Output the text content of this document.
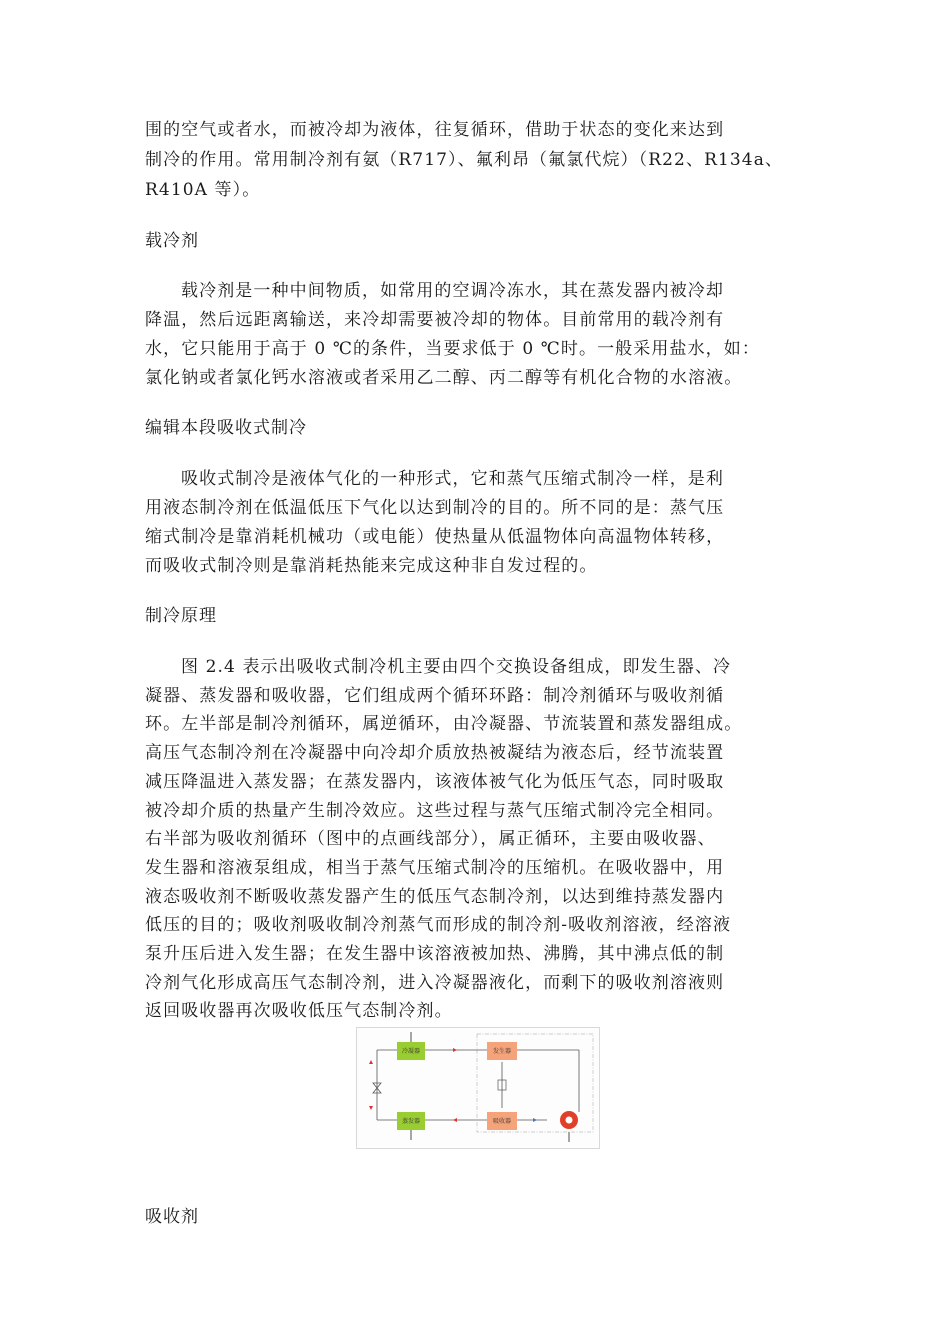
围的空气或者水，而被冷却为液体，往复循环，借助于状态的变化来达到
制冷的作用。常用制冷剂有氨（R717）、氟利昂（氟氯代烷）（R22、R134a、
R410A 等）。
载冷剂
载冷剂是一种中间物质，如常用的空调冷冻水，其在蒸发器内被冷却
降温，然后远距离输送，来冷却需要被冷却的物体。目前常用的载冷剂有
水，它只能用于高于 0 ℃的条件，当要求低于 0 ℃时。一般采用盐水，如：
氯化钠或者氯化钙水溶液或者采用乙二醇、丙二醇等有机化合物的水溶液。
编辑本段吸收式制冷
吸收式制冷是液体气化的一种形式，它和蒸气压缩式制冷一样，是利
用液态制冷剂在低温低压下气化以达到制冷的目的。所不同的是：蒸气压
缩式制冷是靠消耗机械功（或电能）使热量从低温物体向高温物体转移，
而吸收式制冷则是靠消耗热能来完成这种非自发过程的。
制冷原理
图 2.4 表示出吸收式制冷机主要由四个交换设备组成，即发生器、冷
凝器、蒸发器和吸收器，它们组成两个循环环路：制冷剂循环与吸收剂循
环。左半部是制冷剂循环，属逆循环，由冷凝器、节流装置和蒸发器组成。
高压气态制冷剂在冷凝器中向冷却介质放热被凝结为液态后，经节流装置
减压降温进入蒸发器；在蒸发器内，该液体被气化为低压气态，同时吸取
被冷却介质的热量产生制冷效应。这些过程与蒸气压缩式制冷完全相同。
右半部为吸收剂循环（图中的点画线部分），属正循环，主要由吸收器、
发生器和溶液泵组成，相当于蒸气压缩式制冷的压缩机。在吸收器中，用
液态吸收剂不断吸收蒸发器产生的低压气态制冷剂，以达到维持蒸发器内
低压的目的；吸收剂吸收制冷剂蒸气而形成的制冷剂-吸收剂溶液，经溶液
泵升压后进入发生器；在发生器中该溶液被加热、沸腾，其中沸点低的制
冷剂气化形成高压气态制冷剂，进入冷凝器液化，而剩下的吸收剂溶液则
返回吸收器再次吸收低压气态制冷剂。
冷凝器
蒸发器
发生器
吸收器
吸收剂
